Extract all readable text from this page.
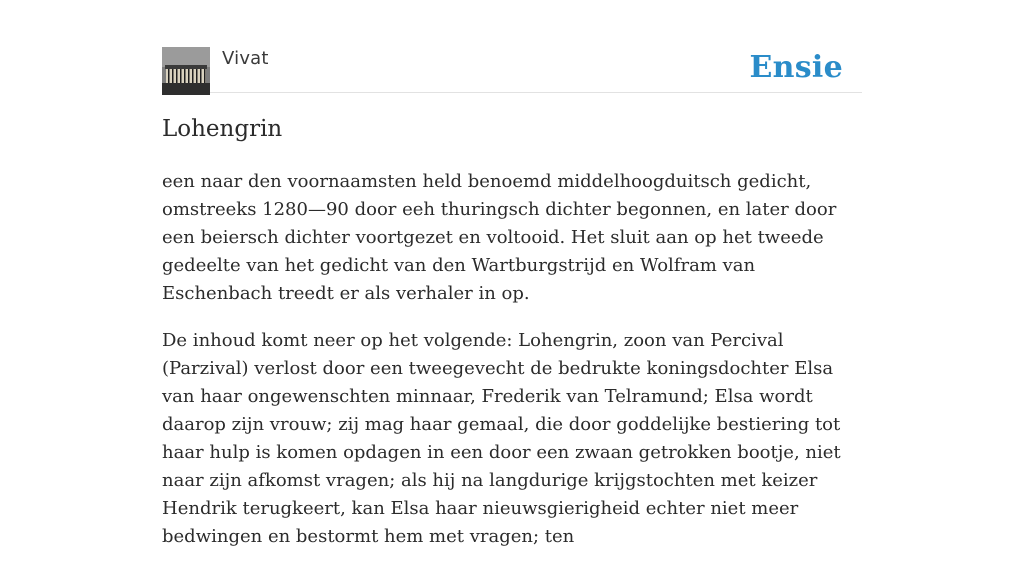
Vivat	Ensie
Lohengrin

een naar den voornaamsten held benoemd middelhoogduitsch gedicht, omstreeks 1280—90 door eeh thuringsch dichter begonnen, en later door een beiersch dichter voortgezet en voltooid. Het sluit aan op het tweede gedeelte van het gedicht van den Wartburgstrijd en Wolfram van Eschenbach treedt er als verhaler in op.

De inhoud komt neer op het volgende: Lohengrin, zoon van Percival (Parzival) verlost door een tweegevecht de bedrukte koningsdochter Elsa van haar ongewenschten minnaar, Frederik van Telramund; Elsa wordt daarop zijn vrouw; zij mag haar gemaal, die door goddelijke bestiering tot haar hulp is komen opdagen in een door een zwaan getrokken bootje, niet naar zijn afkomst vragen; als hij na langdurige krijgstochten met keizer Hendrik terugkeert, kan Elsa haar nieuwsgierigheid echter niet meer bedwingen en bestormt hem met vragen; ten
